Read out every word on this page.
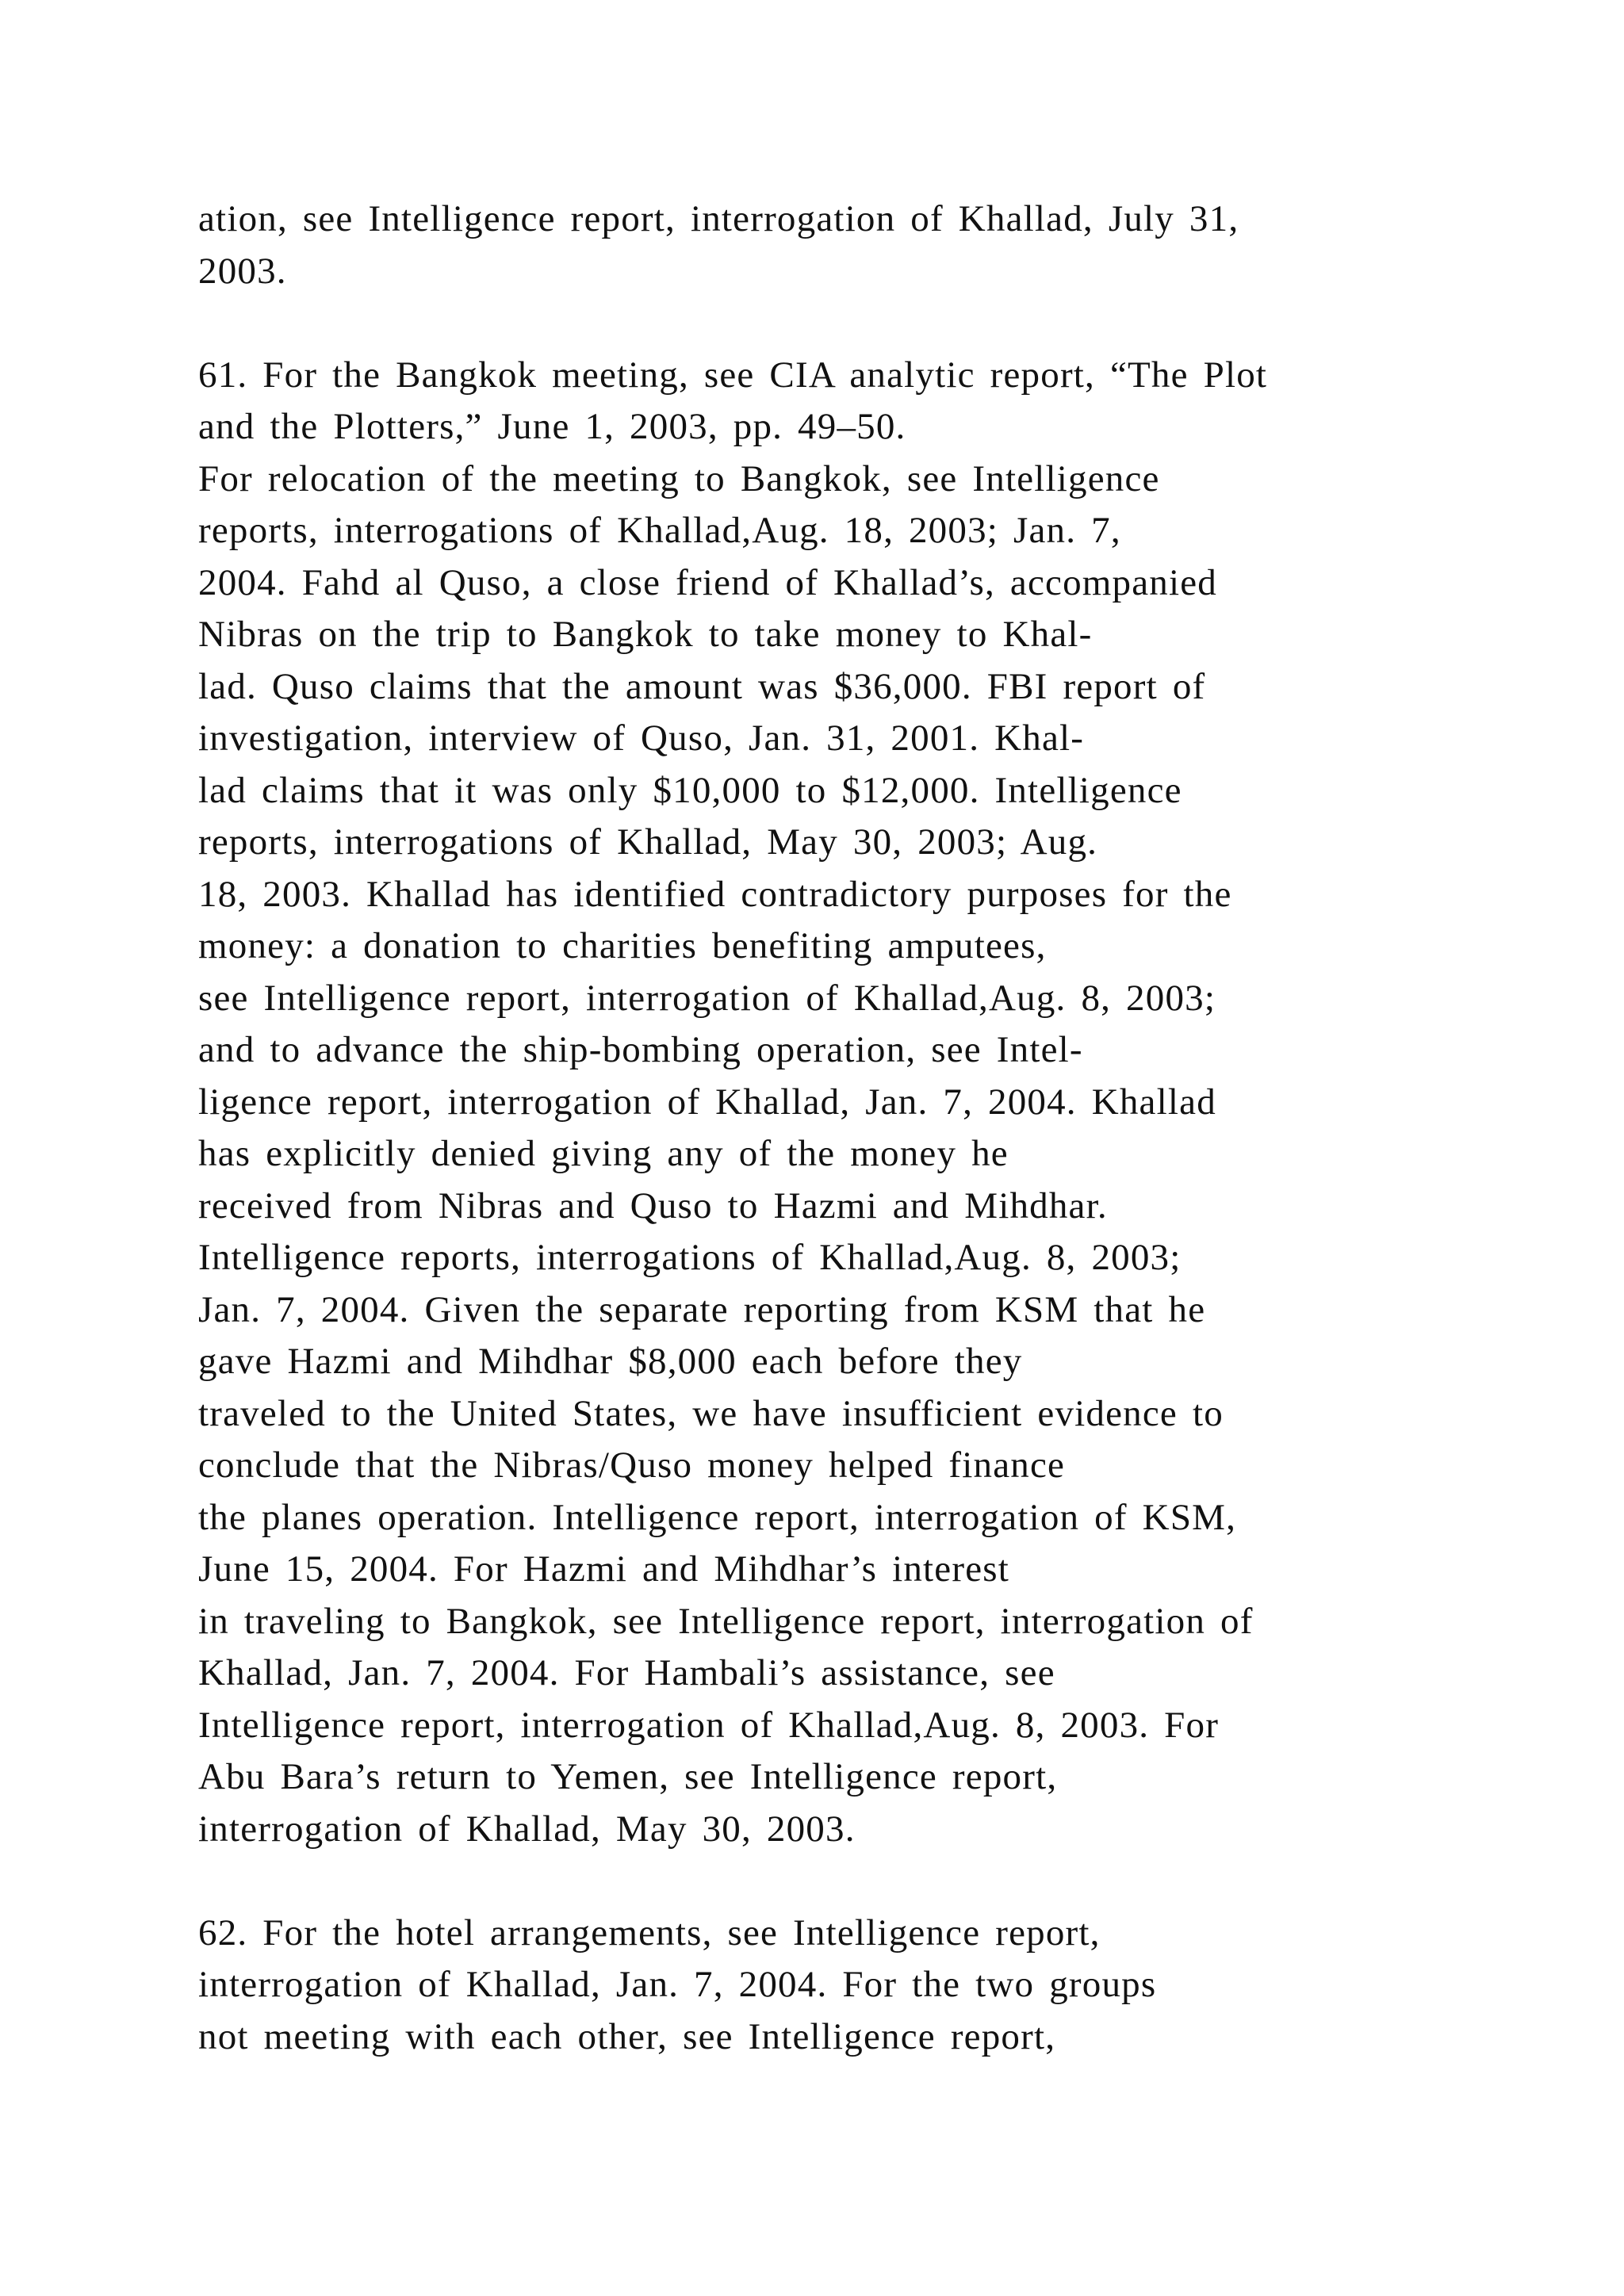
ation, see Intelligence report, interrogation of Khallad, July 31,
2003.

61. For the Bangkok meeting, see CIA analytic report, “The Plot
and the Plotters,” June 1, 2003, pp. 49–50.
For relocation of the meeting to Bangkok, see Intelligence
reports, interrogations of Khallad,Aug. 18, 2003; Jan. 7,
2004. Fahd al Quso, a close friend of Khallad’s, accompanied
Nibras on the trip to Bangkok to take money to Khal-
lad. Quso claims that the amount was $36,000. FBI report of
investigation, interview of Quso, Jan. 31, 2001. Khal-
lad claims that it was only $10,000 to $12,000. Intelligence
reports, interrogations of Khallad, May 30, 2003; Aug.
18, 2003. Khallad has identified contradictory purposes for the
money: a donation to charities benefiting amputees,
see Intelligence report, interrogation of Khallad,Aug. 8, 2003;
and to advance the ship-bombing operation, see Intel-
ligence report, interrogation of Khallad, Jan. 7, 2004. Khallad
has explicitly denied giving any of the money he
received from Nibras and Quso to Hazmi and Mihdhar.
Intelligence reports, interrogations of Khallad,Aug. 8, 2003;
Jan. 7, 2004. Given the separate reporting from KSM that he
gave Hazmi and Mihdhar $8,000 each before they
traveled to the United States, we have insufficient evidence to
conclude that the Nibras/Quso money helped finance
the planes operation. Intelligence report, interrogation of KSM,
June 15, 2004. For Hazmi and Mihdhar’s interest
in traveling to Bangkok, see Intelligence report, interrogation of
Khallad, Jan. 7, 2004. For Hambali’s assistance, see
Intelligence report, interrogation of Khallad,Aug. 8, 2003. For
Abu Bara’s return to Yemen, see Intelligence report,
interrogation of Khallad, May 30, 2003.

62. For the hotel arrangements, see Intelligence report,
interrogation of Khallad, Jan. 7, 2004. For the two groups
not meeting with each other, see Intelligence report,
